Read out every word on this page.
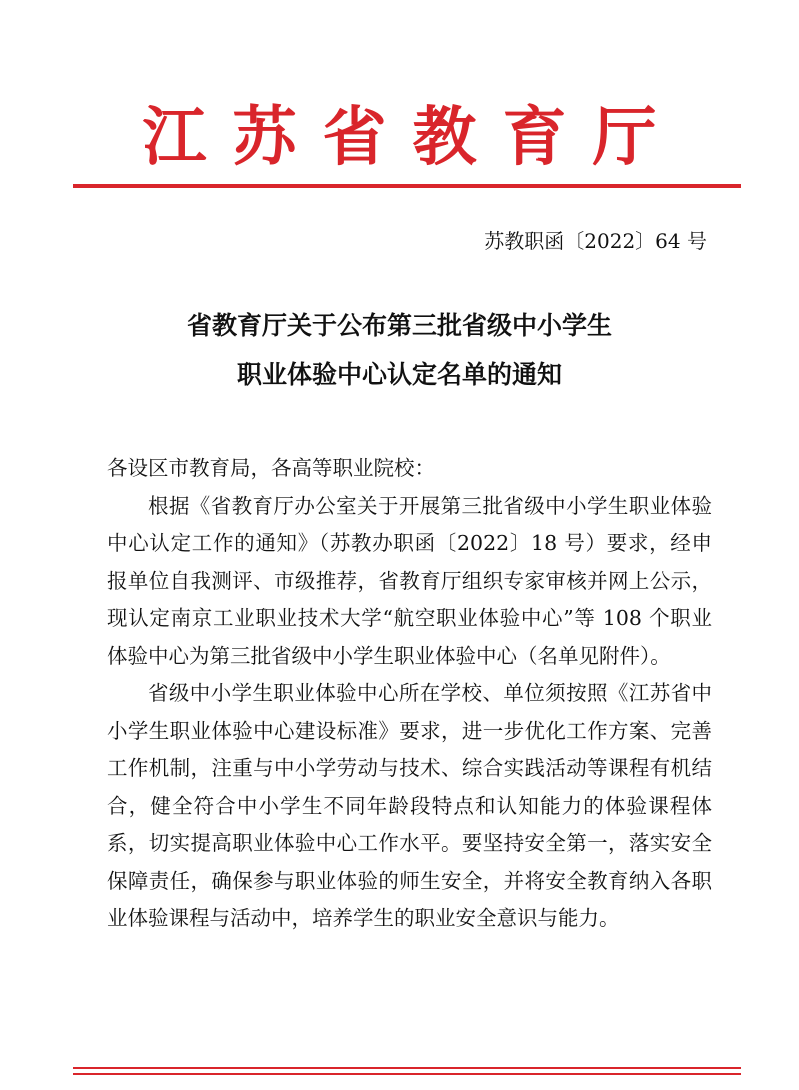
江苏省教育厅
苏教职函〔2022〕64 号
省教育厅关于公布第三批省级中小学生
职业体验中心认定名单的通知

各设区市教育局，各高等职业院校：

根据《省教育厅办公室关于开展第三批省级中小学生职业体验中心认定工作的通知》（苏教办职函〔2022〕18 号）要求，经申报单位自我测评、市级推荐，省教育厅组织专家审核并网上公示，现认定南京工业职业技术大学“航空职业体验中心”等 108 个职业体验中心为第三批省级中小学生职业体验中心（名单见附件）。

省级中小学生职业体验中心所在学校、单位须按照《江苏省中小学生职业体验中心建设标准》要求，进一步优化工作方案、完善工作机制，注重与中小学劳动与技术、综合实践活动等课程有机结合，健全符合中小学生不同年龄段特点和认知能力的体验课程体系，切实提高职业体验中心工作水平。要坚持安全第一，落实安全保障责任，确保参与职业体验的师生安全，并将安全教育纳入各职业体验课程与活动中，培养学生的职业安全意识与能力。
